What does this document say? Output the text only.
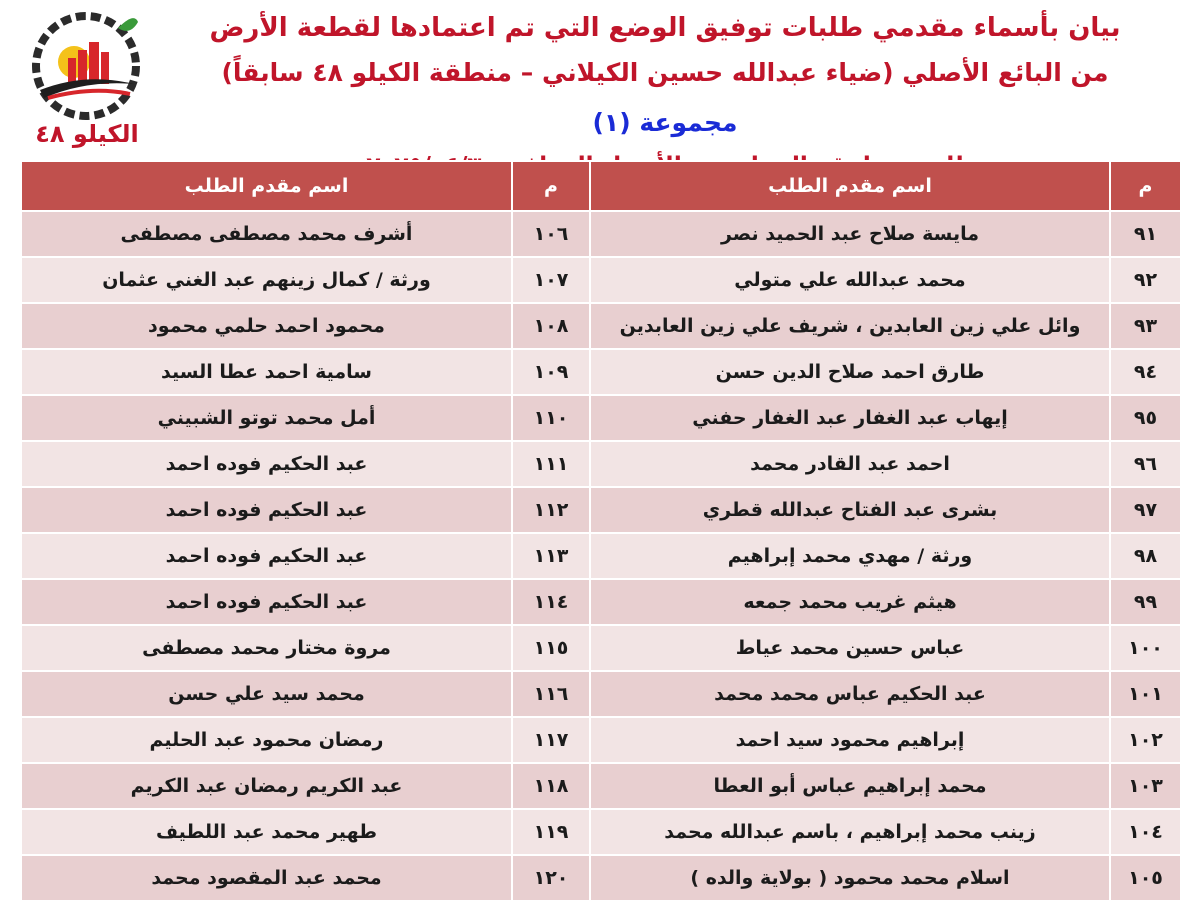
الكيلو ٤٨
بيان بأسماء مقدمي طلبات توفيق الوضع التي تم اعتمادها لقطعة الأرض
من البائع الأصلي (ضياء عبدالله حسين الكيلاني – منطقة الكيلو ٤٨ سابقاً) مجموعة (١)
م	اسم مقدم الطلب	م	اسم مقدم الطلب
٩١	مايسة صلاح عبد الحميد نصر	١٠٦	أشرف محمد مصطفى مصطفى
٩٢	محمد عبدالله علي متولي	١٠٧	ورثة / كمال زينهم عبد الغني عثمان
٩٣	وائل علي زين العابدين ، شريف علي زين العابدين	١٠٨	محمود احمد حلمي محمود
٩٤	طارق احمد صلاح الدين حسن	١٠٩	سامية احمد عطا السيد
٩٥	إيهاب عبد الغفار عبد الغفار حفني	١١٠	أمل محمد توتو الشبيني
٩٦	احمد عبد القادر محمد	١١١	عبد الحكيم فوده احمد
٩٧	بشرى عبد الفتاح عبدالله قطري	١١٢	عبد الحكيم فوده احمد
٩٨	ورثة / مهدي محمد إبراهيم	١١٣	عبد الحكيم فوده احمد
٩٩	هيثم غريب محمد جمعه	١١٤	عبد الحكيم فوده احمد
١٠٠	عباس حسين محمد عياط	١١٥	مروة مختار محمد مصطفى
١٠١	عبد الحكيم عباس محمد محمد	١١٦	محمد سيد علي حسن
١٠٢	إبراهيم محمود سيد احمد	١١٧	رمضان محمود عبد الحليم
١٠٣	محمد إبراهيم عباس أبو العطا	١١٨	عبد الكريم رمضان عبد الكريم
١٠٤	زينب محمد إبراهيم ، باسم عبدالله محمد	١١٩	طهير محمد عبد اللطيف
١٠٥	اسلام محمد محمود ( بولاية والده )	١٢٠	محمد عبد المقصود محمد
